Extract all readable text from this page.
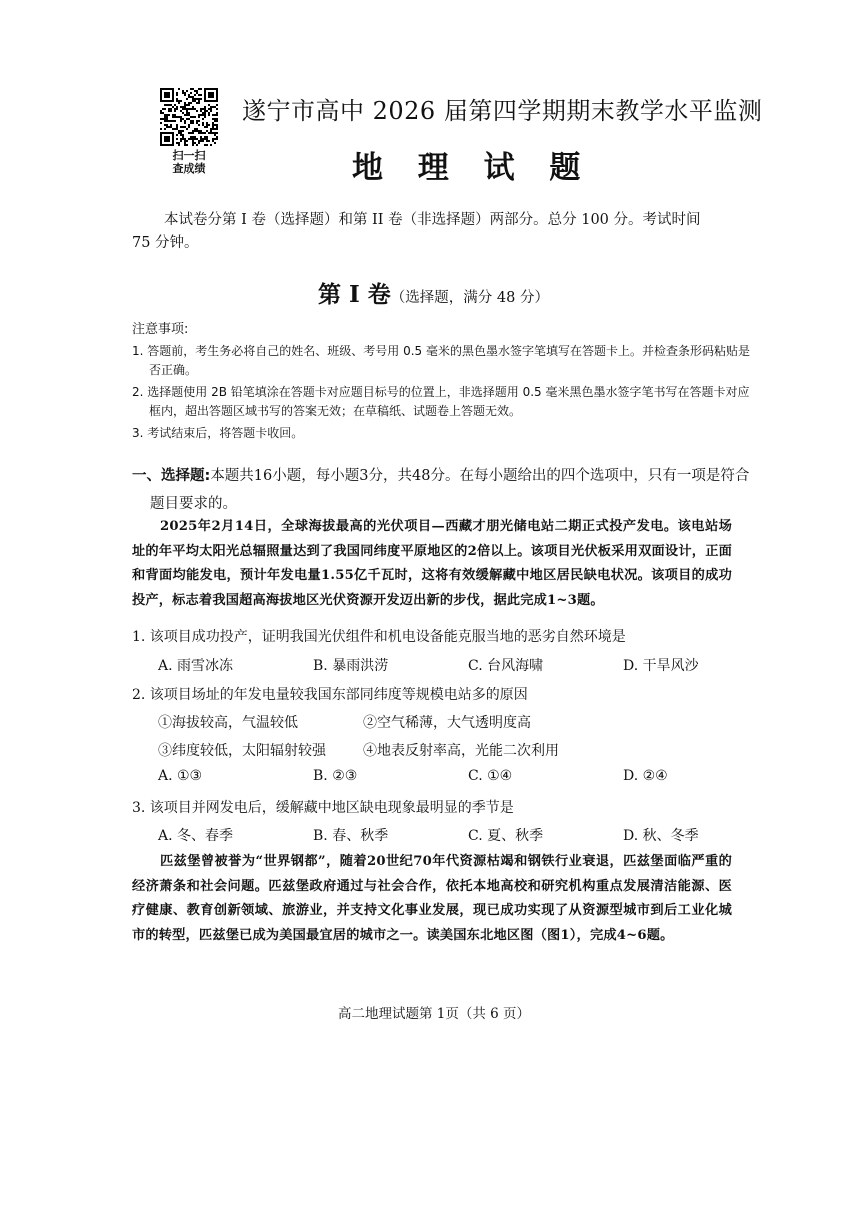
扫一扫
查成绩
遂宁市高中 2026 届第四学期期末教学水平监测
地 理 试 题
本试卷分第 I 卷（选择题）和第 II 卷（非选择题）两部分。总分 100 分。考试时间
75 分钟。
第 I 卷（选择题，满分 48 分）
注意事项:
1. 答题前，考生务必将自己的姓名、班级、考号用 0.5 毫米的黑色墨水签字笔填写在答题卡上。并检查条形码粘贴是否正确。
2. 选择题使用 2B 铅笔填涂在答题卡对应题目标号的位置上，非选择题用 0.5 毫米黑色墨水签字笔书写在答题卡对应框内，超出答题区域书写的答案无效；在草稿纸、试题卷上答题无效。
3. 考试结束后，将答题卡收回。
一、选择题:本题共16小题，每小题3分，共48分。在每小题给出的四个选项中，只有一项是符合题目要求的。
2025年2月14日，全球海拔最高的光伏项目—西藏才朋光储电站二期正式投产发电。该电站场址的年平均太阳光总辐照量达到了我国同纬度平原地区的2倍以上。该项目光伏板采用双面设计，正面和背面均能发电，预计年发电量1.55亿千瓦时，这将有效缓解藏中地区居民缺电状况。该项目的成功投产，标志着我国超高海拔地区光伏资源开发迈出新的步伐，据此完成1~3题。
1. 该项目成功投产，证明我国光伏组件和机电设备能克服当地的恶劣自然环境是
A. 雨雪冰冻	B. 暴雨洪涝	C. 台风海啸	D. 干旱风沙
2. 该项目场址的年发电量较我国东部同纬度等规模电站多的原因
①海拔较高，气温较低	②空气稀薄，大气透明度高
③纬度较低，太阳辐射较强	④地表反射率高，光能二次利用
A. ①③	B. ②③	C. ①④	D. ②④
3. 该项目并网发电后，缓解藏中地区缺电现象最明显的季节是
A. 冬、春季	B. 春、秋季	C. 夏、秋季	D. 秋、冬季
匹兹堡曾被誉为“世界钢都”，随着20世纪70年代资源枯竭和钢铁行业衰退，匹兹堡面临严重的经济萧条和社会问题。匹兹堡政府通过与社会合作，依托本地高校和研究机构重点发展清洁能源、医疗健康、教育创新领域、旅游业，并支持文化事业发展，现已成功实现了从资源型城市到后工业化城市的转型，匹兹堡已成为美国最宜居的城市之一。读美国东北地区图（图1），完成4~6题。
高二地理试题第 1页（共 6 页）
